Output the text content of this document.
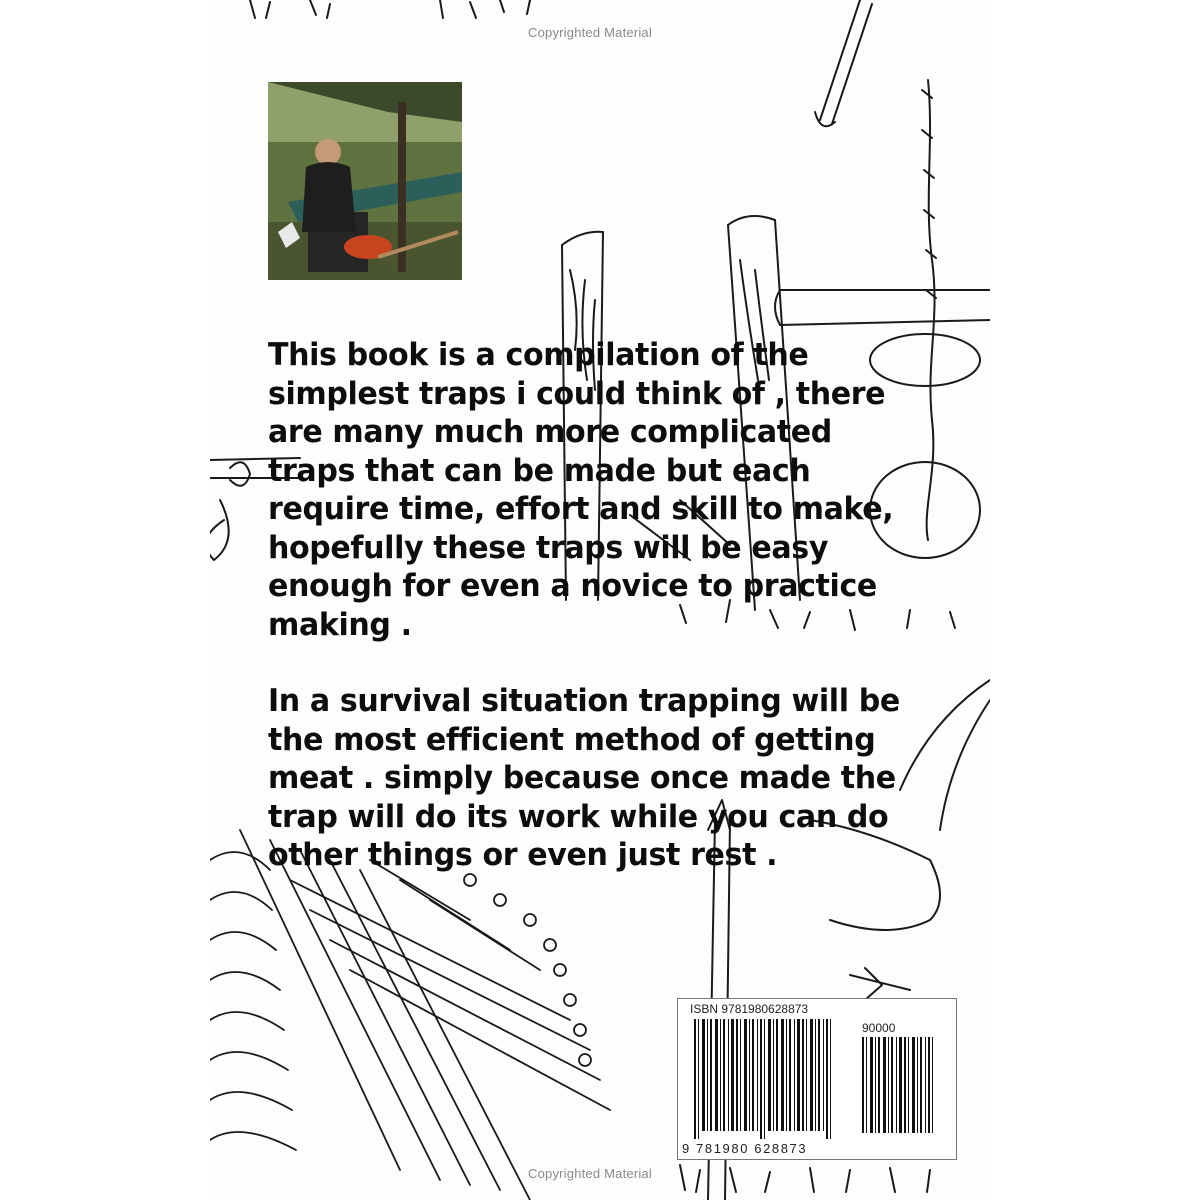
Copyrighted Material
Copyrighted Material

This book is a compilation of the simplest traps i could think of , there are many much more complicated traps that can be made but each require time, effort and skill to make, hopefully these traps will be easy enough for even a novice to practice making .

In a survival situation trapping will be the most efficient method of getting meat . simply because once made the trap will do its work while you can do other things or even just rest .

ISBN 9781980628873
90000
9 781980 628873
